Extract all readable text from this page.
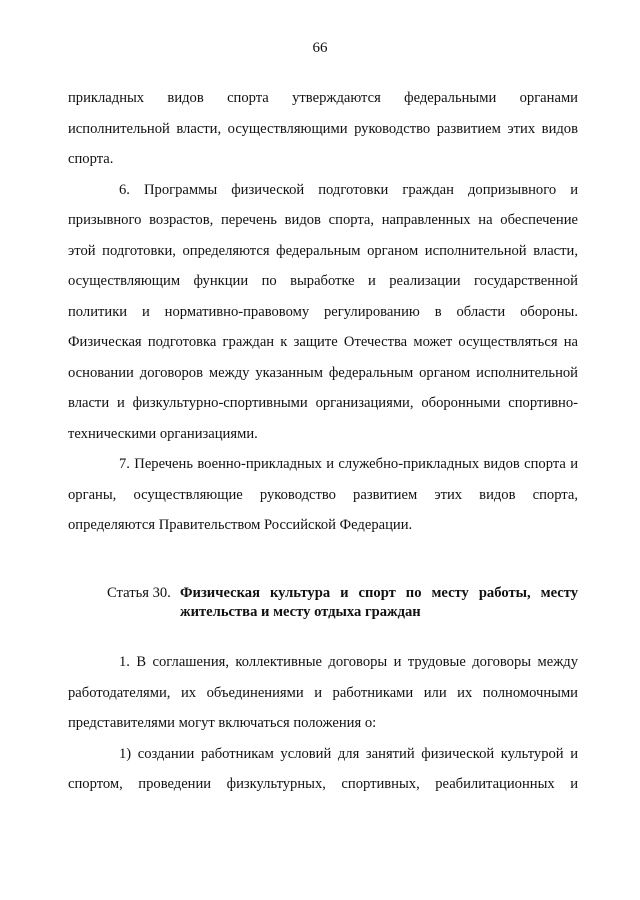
66

прикладных видов спорта утверждаются федеральными органами исполнительной власти, осуществляющими руководство развитием этих видов спорта.

6. Программы физической подготовки граждан допризывного и призывного возрастов, перечень видов спорта, направленных на обеспечение этой подготовки, определяются федеральным органом исполнительной власти, осуществляющим функции по выработке и реализации государственной политики и нормативно-правовому регулированию в области обороны. Физическая подготовка граждан к защите Отечества может осуществляться на основании договоров между указанным федеральным органом исполнительной власти и физкультурно-спортивными организациями, оборонными спортивно-техническими организациями.

7. Перечень военно-прикладных и служебно-прикладных видов спорта и органы, осуществляющие руководство развитием этих видов спорта, определяются Правительством Российской Федерации.

Статья 30. Физическая культура и спорт по месту работы, месту жительства и месту отдыха граждан

1. В соглашения, коллективные договоры и трудовые договоры между работодателями, их объединениями и работниками или их полномочными представителями могут включаться положения о:

1) создании работникам условий для занятий физической культурой и спортом, проведении физкультурных, спортивных, реабилитационных и
